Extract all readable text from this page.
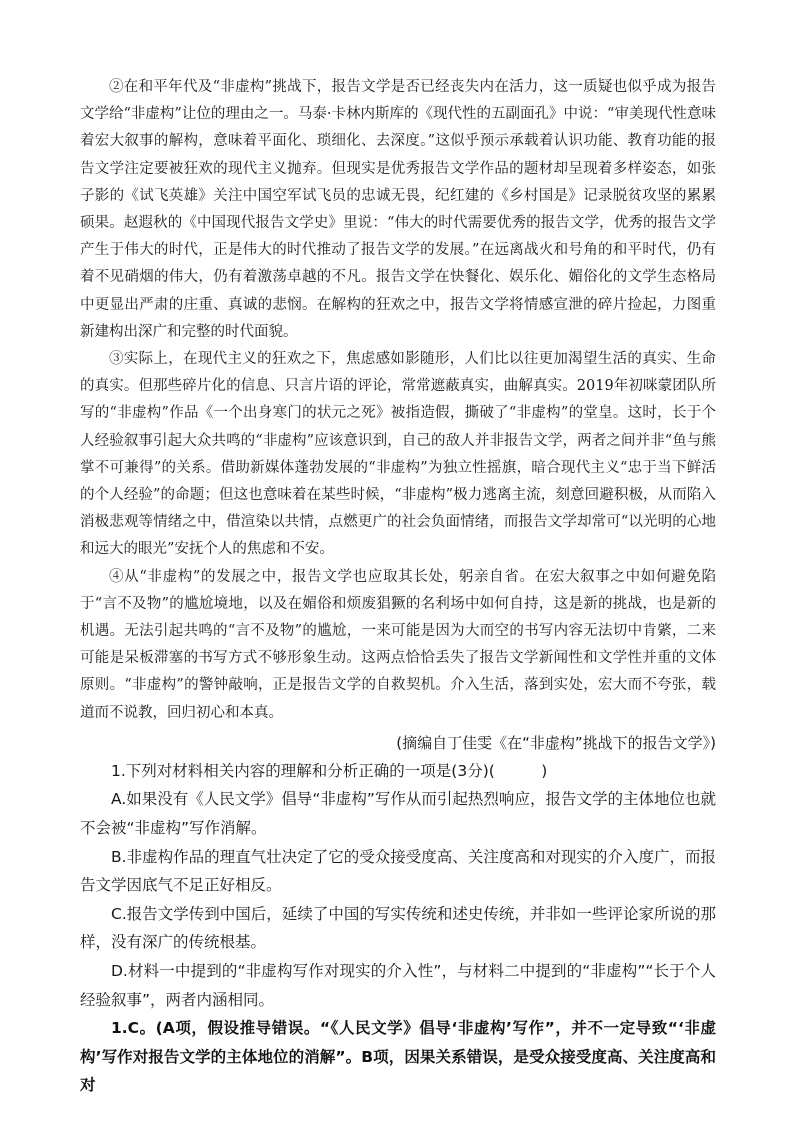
②在和平年代及“非虚构”挑战下，报告文学是否已经丧失内在活力，这一质疑也似乎成为报告文学给“非虚构”让位的理由之一。马泰·卡林内斯库的《现代性的五副面孔》中说：“审美现代性意味着宏大叙事的解构，意味着平面化、琐细化、去深度。”这似乎预示承载着认识功能、教育功能的报告文学注定要被狂欢的现代主义抛弃。但现实是优秀报告文学作品的题材却呈现着多样姿态，如张子影的《试飞英雄》关注中国空军试飞员的忠诚无畏，纪红建的《乡村国是》记录脱贫攻坚的累累硕果。赵遐秋的《中国现代报告文学史》里说：“伟大的时代需要优秀的报告文学，优秀的报告文学产生于伟大的时代，正是伟大的时代推动了报告文学的发展。”在远离战火和号角的和平时代，仍有着不见硝烟的伟大，仍有着激荡卓越的不凡。报告文学在快餐化、娱乐化、媚俗化的文学生态格局中更显出严肃的庄重、真诚的悲悯。在解构的狂欢之中，报告文学将情感宣泄的碎片捡起，力图重新建构出深广和完整的时代面貌。

③实际上，在现代主义的狂欢之下，焦虑感如影随形，人们比以往更加渴望生活的真实、生命的真实。但那些碎片化的信息、只言片语的评论，常常遮蔽真实，曲解真实。2019年初咪蒙团队所写的“非虚构”作品《一个出身寒门的状元之死》被指造假，撕破了“非虚构”的堂皇。这时，长于个人经验叙事引起大众共鸣的“非虚构”应该意识到，自己的敌人并非报告文学，两者之间并非“鱼与熊掌不可兼得”的关系。借助新媒体蓬勃发展的“非虚构”为独立性摇旗，暗合现代主义“忠于当下鲜活的个人经验”的命题；但这也意味着在某些时候，“非虚构”极力逃离主流，刻意回避积极，从而陷入消极悲观等情绪之中，借渲染以共情，点燃更广的社会负面情绪，而报告文学却常可“以光明的心地和远大的眼光”安抚个人的焦虑和不安。

④从“非虚构”的发展之中，报告文学也应取其长处，躬亲自省。在宏大叙事之中如何避免陷于“言不及物”的尴尬境地，以及在媚俗和烦废猖獗的名利场中如何自持，这是新的挑战，也是新的机遇。无法引起共鸣的“言不及物”的尴尬，一来可能是因为大而空的书写内容无法切中肯綮，二来可能是呆板滞塞的书写方式不够形象生动。这两点恰恰丢失了报告文学新闻性和文学性并重的文体原则。“非虚构”的警钟敲响，正是报告文学的自救契机。介入生活，落到实处，宏大而不夸张，载道而不说教，回归初心和本真。

(摘编自丁佳雯《在“非虚构”挑战下的报告文学》)

1.下列对材料相关内容的理解和分析正确的一项是(3分)(　　　)

A.如果没有《人民文学》倡导“非虚构”写作从而引起热烈响应，报告文学的主体地位也就不会被“非虚构”写作消解。

B.非虚构作品的理直气壮决定了它的受众接受度高、关注度高和对现实的介入度广，而报告文学因底气不足正好相反。

C.报告文学传到中国后，延续了中国的写实传统和述史传统，并非如一些评论家所说的那样，没有深广的传统根基。

D.材料一中提到的“非虚构写作对现实的介入性”，与材料二中提到的“非虚构”“长于个人经验叙事”，两者内涵相同。

1.C。(A项，假设推导错误。“《人民文学》倡导‘非虚构’写作”，并不一定导致“‘非虚构’写作对报告文学的主体地位的消解”。B项，因果关系错误，是受众接受度高、关注度高和对
